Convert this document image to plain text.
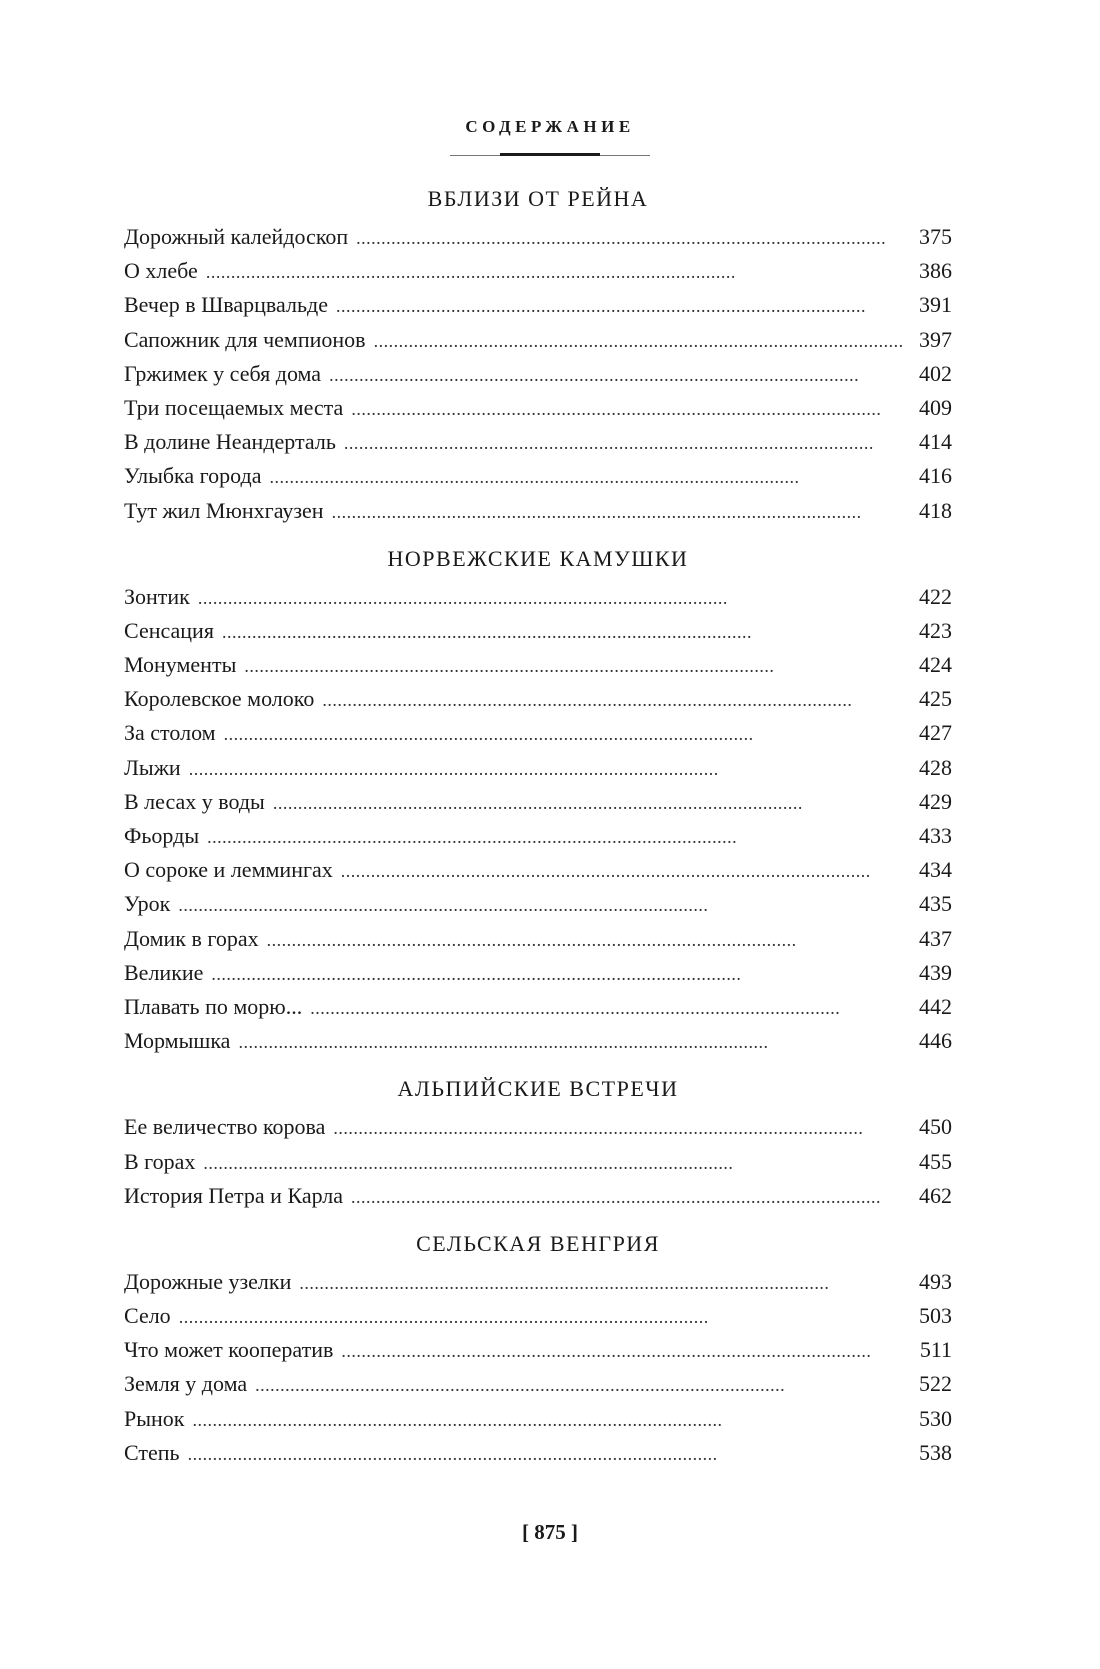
СОДЕРЖАНИЕ
ВБЛИЗИ ОТ РЕЙНА
Дорожный калейдоскоп . . .	375
О хлебе . . .	386
Вечер в Шварцвальде . . .	391
Сапожник для чемпионов . . .	397
Гржимек у себя дома . . .	402
Три посещаемых места . . .	409
В долине Неандерталь . . .	414
Улыбка города . . .	416
Тут жил Мюнхгаузен . . .	418
НОРВЕЖСКИЕ КАМУШКИ
Зонтик . . .	422
Сенсация . . .	423
Монументы . . .	424
Королевское молоко . . .	425
За столом . . .	427
Лыжи . . .	428
В лесах у воды . . .	429
Фьорды . . .	433
О сороке и леммингах . . .	434
Урок . . .	435
Домик в горах . . .	437
Великие . . .	439
Плавать по морю... . . .	442
Мормышка . . .	446
АЛЬПИЙСКИЕ ВСТРЕЧИ
Ее величество корова . . .	450
В горах . . .	455
История Петра и Карла . . .	462
СЕЛЬСКАЯ ВЕНГРИЯ
Дорожные узелки . . .	493
Село . . .	503
Что может кооператив . . .	511
Земля у дома . . .	522
Рынок . . .	530
Степь . . .	538
[ 875 ]
